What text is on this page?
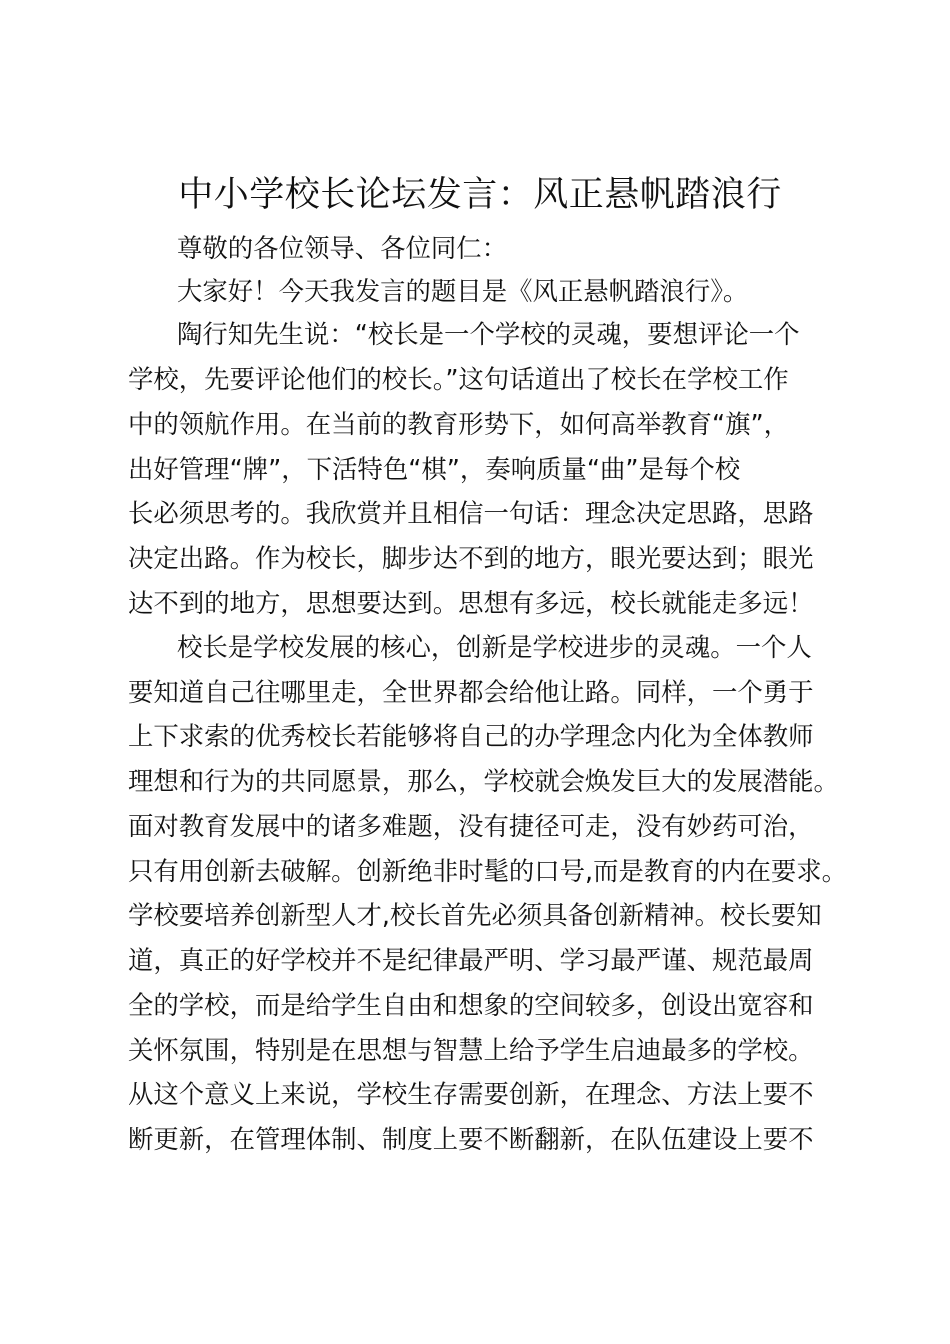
中小学校长论坛发言：风正悬帆踏浪行

尊敬的各位领导、各位同仁：

大家好！今天我发言的题目是《风正悬帆踏浪行》。

陶行知先生说：“校长是一个学校的灵魂，要想评论一个

学校，先要评论他们的校长。”这句话道出了校长在学校工作

中的领航作用。在当前的教育形势下，如何高举教育“旗”，

出好管理“牌”，下活特色“棋”，奏响质量“曲”是每个校

长必须思考的。我欣赏并且相信一句话：理念决定思路，思路

决定出路。作为校长，脚步达不到的地方，眼光要达到；眼光

达不到的地方，思想要达到。思想有多远，校长就能走多远！

校长是学校发展的核心，创新是学校进步的灵魂。一个人

要知道自己往哪里走，全世界都会给他让路。同样，一个勇于

上下求索的优秀校长若能够将自己的办学理念内化为全体教师

理想和行为的共同愿景，那么，学校就会焕发巨大的发展潜能。

面对教育发展中的诸多难题，没有捷径可走，没有妙药可治，

只有用创新去破解。创新绝非时髦的口号,而是教育的内在要求。

学校要培养创新型人才,校长首先必须具备创新精神。校长要知

道，真正的好学校并不是纪律最严明、学习最严谨、规范最周

全的学校，而是给学生自由和想象的空间较多，创设出宽容和

关怀氛围，特别是在思想与智慧上给予学生启迪最多的学校。

从这个意义上来说，学校生存需要创新，在理念、方法上要不

断更新，在管理体制、制度上要不断翻新，在队伍建设上要不
